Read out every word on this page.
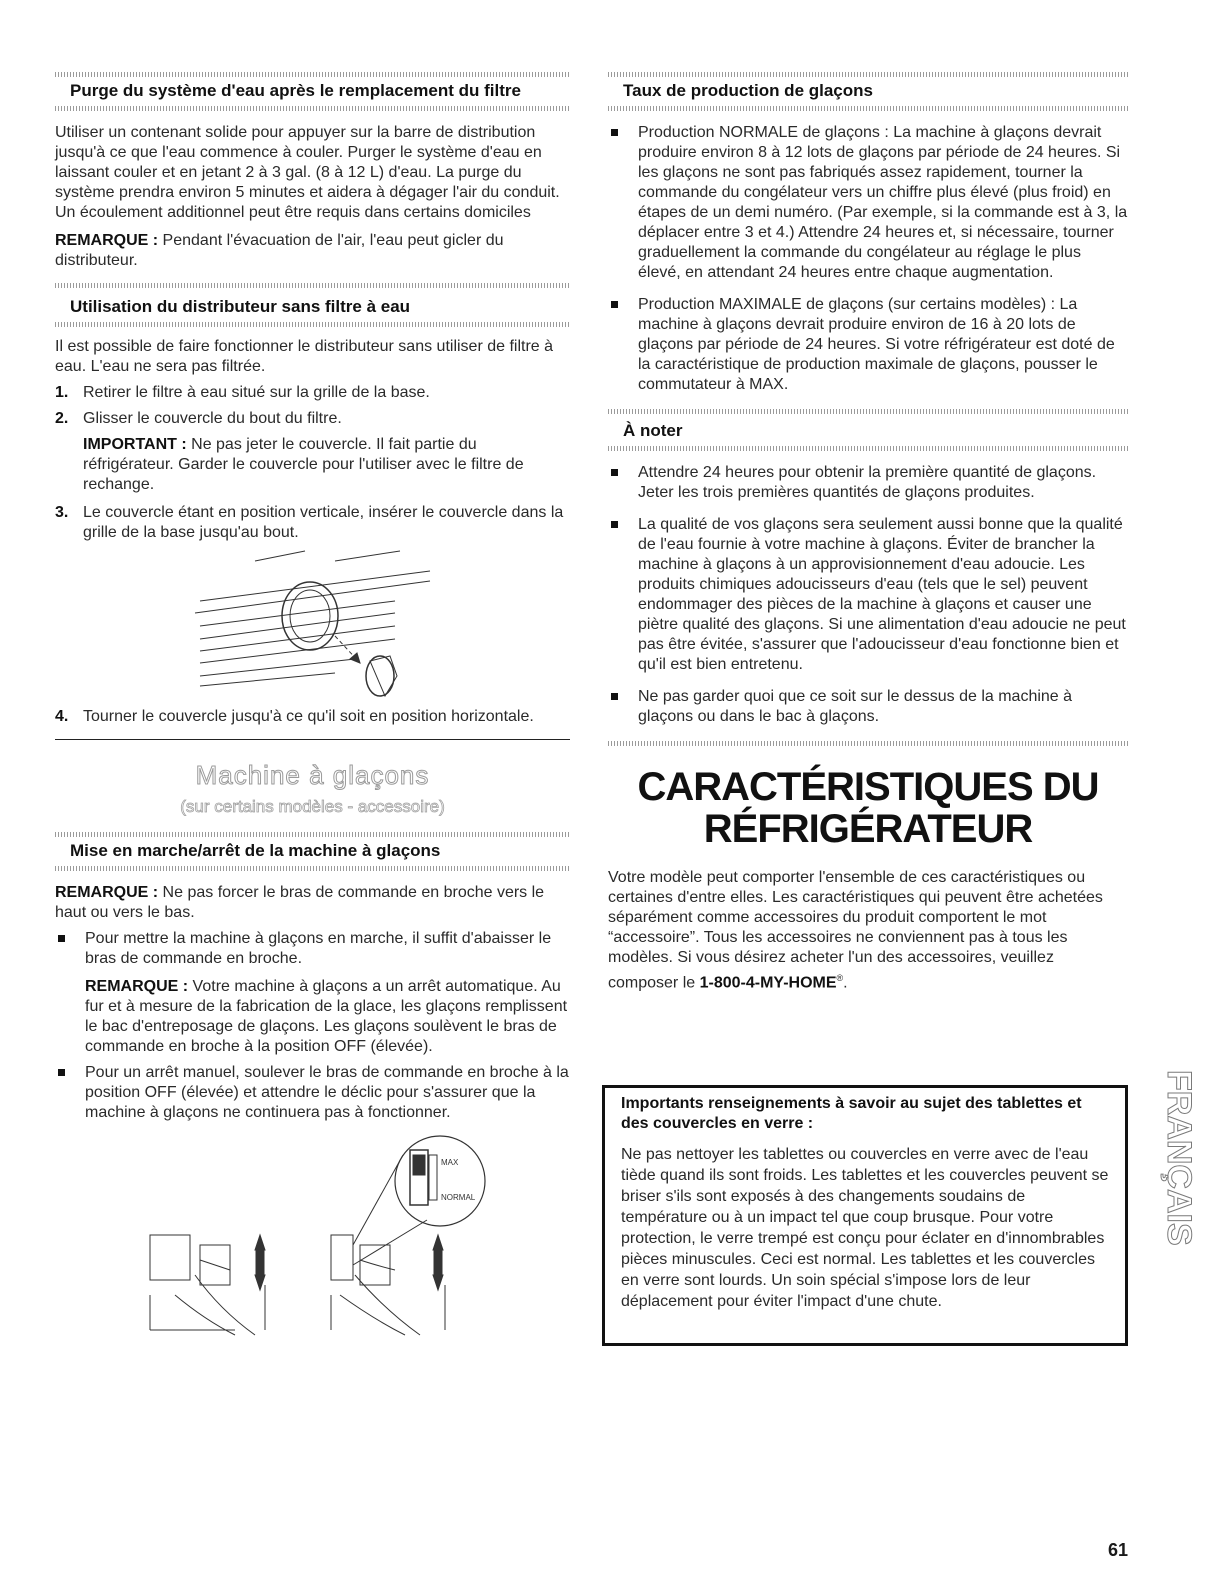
Purge du système d'eau après le remplacement du filtre

Utiliser un contenant solide pour appuyer sur la barre de distribution jusqu'à ce que l'eau commence à couler. Purger le système d'eau en laissant couler et en jetant 2 à 3 gal. (8 à 12 L) d'eau. La purge du système prendra environ 5 minutes et aidera à dégager l'air du conduit. Un écoulement additionnel peut être requis dans certains domiciles

REMARQUE : Pendant l'évacuation de l'air, l'eau peut gicler du distributeur.

Utilisation du distributeur sans filtre à eau

Il est possible de faire fonctionner le distributeur sans utiliser de filtre à eau. L'eau ne sera pas filtrée.

1. Retirer le filtre à eau situé sur la grille de la base.
2. Glisser le couvercle du bout du filtre.
IMPORTANT : Ne pas jeter le couvercle. Il fait partie du réfrigérateur. Garder le couvercle pour l'utiliser avec le filtre de rechange.
3. Le couvercle étant en position verticale, insérer le couvercle dans la grille de la base jusqu'au bout.
4. Tourner le couvercle jusqu'à ce qu'il soit en position horizontale.
Machine à glaçons
(sur certains modèles - accessoire)
Mise en marche/arrêt de la machine à glaçons

REMARQUE : Ne pas forcer le bras de commande en broche vers le haut ou vers le bas.

Pour mettre la machine à glaçons en marche, il suffit d'abaisser le bras de commande en broche.
REMARQUE : Votre machine à glaçons a un arrêt automatique. Au fur et à mesure de la fabrication de la glace, les glaçons remplissent le bac d'entreposage de glaçons. Les glaçons soulèvent le bras de commande en broche à la position OFF (élevée).
Pour un arrêt manuel, soulever le bras de commande en broche à la position OFF (élevée) et attendre le déclic pour s'assurer que la machine à glaçons ne continuera pas à fonctionner.
MAX
NORMAL
Taux de production de glaçons
Production NORMALE de glaçons : La machine à glaçons devrait produire environ 8 à 12 lots de glaçons par période de 24 heures. Si les glaçons ne sont pas fabriqués assez rapidement, tourner la commande du congélateur vers un chiffre plus élevé (plus froid) en étapes de un demi numéro. (Par exemple, si la commande est à 3, la déplacer entre 3 et 4.) Attendre 24 heures et, si nécessaire, tourner graduellement la commande du congélateur au réglage le plus élevé, en attendant 24 heures entre chaque augmentation.
Production MAXIMALE de glaçons (sur certains modèles) : La machine à glaçons devrait produire environ de 16 à 20 lots de glaçons par période de 24 heures. Si votre réfrigérateur est doté de la caractéristique de production maximale de glaçons, pousser le commutateur à MAX.
À noter
Attendre 24 heures pour obtenir la première quantité de glaçons. Jeter les trois premières quantités de glaçons produites.
La qualité de vos glaçons sera seulement aussi bonne que la qualité de l'eau fournie à votre machine à glaçons. Éviter de brancher la machine à glaçons à un approvisionnement d'eau adoucie. Les produits chimiques adoucisseurs d'eau (tels que le sel) peuvent endommager des pièces de la machine à glaçons et causer une piètre qualité des glaçons. Si une alimentation d'eau adoucie ne peut pas être évitée, s'assurer que l'adoucisseur d'eau fonctionne bien et qu'il est bien entretenu.
Ne pas garder quoi que ce soit sur le dessus de la machine à glaçons ou dans le bac à glaçons.
CARACTÉRISTIQUES DU
RÉFRIGÉRATEUR

Votre modèle peut comporter l'ensemble de ces caractéristiques ou certaines d'entre elles. Les caractéristiques qui peuvent être achetées séparément comme accessoires du produit comportent le mot “accessoire”. Tous les accessoires ne conviennent pas à tous les modèles. Si vous désirez acheter l'un des accessoires, veuillez composer le 1-800-4-MY-HOME®.

Importants renseignements à savoir au sujet des tablettes et des couvercles en verre :

Ne pas nettoyer les tablettes ou couvercles en verre avec de l'eau tiède quand ils sont froids. Les tablettes et les couvercles peuvent se briser s'ils sont exposés à des changements soudains de température ou à un impact tel que coup brusque. Pour votre protection, le verre trempé est conçu pour éclater en d'innombrables pièces minuscules. Ceci est normal. Les tablettes et les couvercles en verre sont lourds. Un soin spécial s'impose lors de leur déplacement pour éviter l'impact d'une chute.

FRANÇAIS
61
